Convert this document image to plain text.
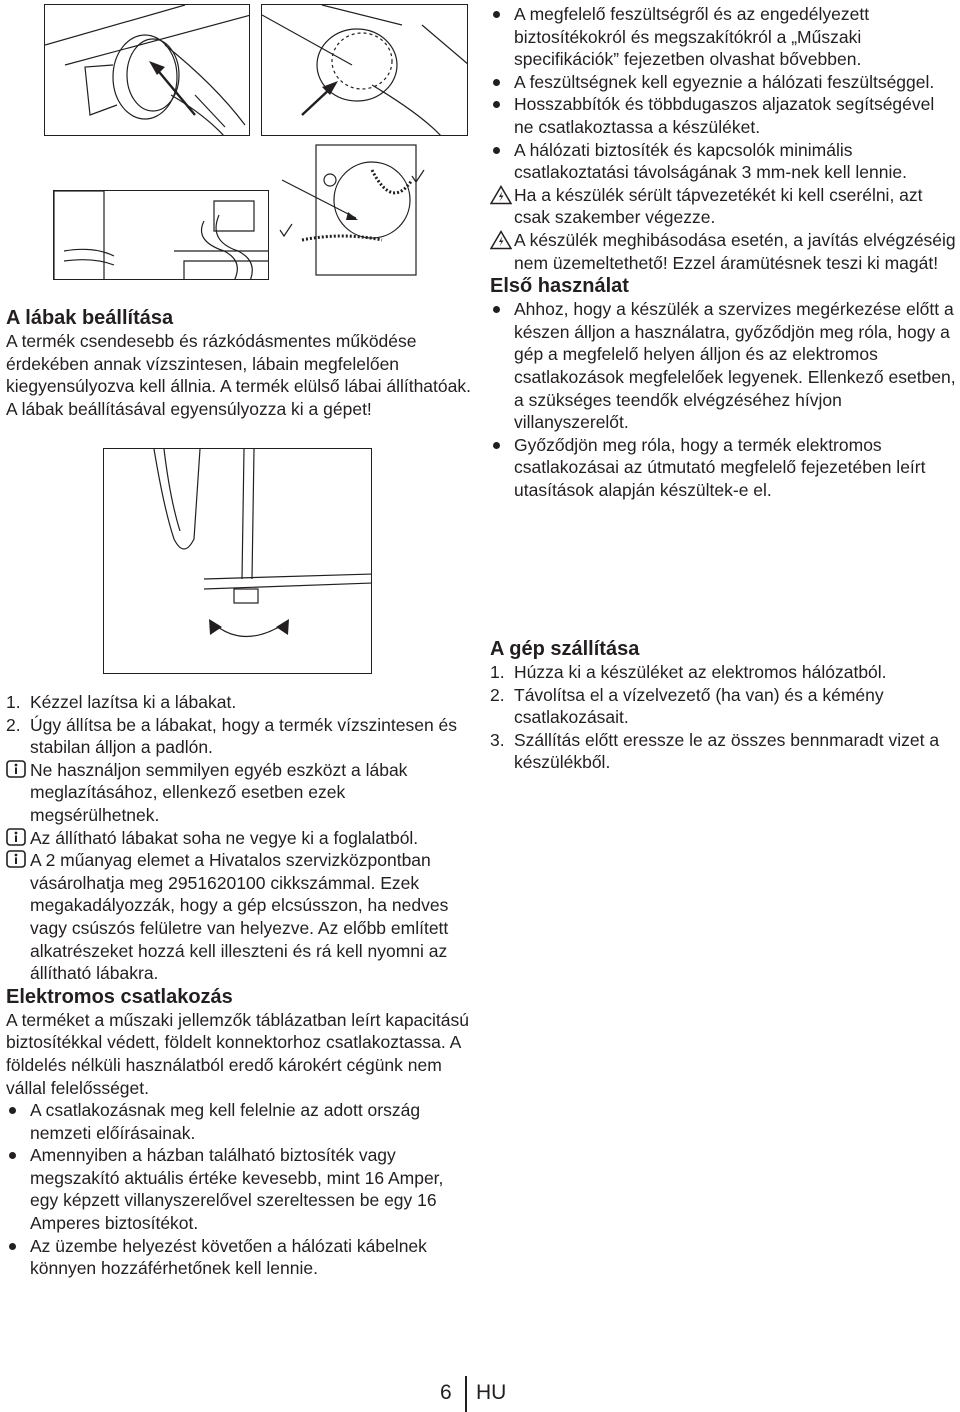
A lábak beállítása

A termék csendesebb és rázkódásmentes működése érdekében annak vízszintesen, lábain megfelelően kiegyensúlyozva kell állnia. A termék elülső lábai állíthatóak. A lábak beállításával egyensúlyozza ki a gépet!

1. Kézzel lazítsa ki a lábakat.
2. Úgy állítsa be a lábakat, hogy a termék vízszintesen és stabilan álljon a padlón.
Ne használjon semmilyen egyéb eszközt a lábak meglazításához, ellenkező esetben ezek megsérülhetnek.
Az állítható lábakat soha ne vegye ki a foglalatból.
A 2 műanyag elemet a Hivatalos szervizközpontban vásárolhatja meg 2951620100 cikkszámmal. Ezek megakadályozzák, hogy a gép elcsússzon, ha nedves vagy csúszós felületre van helyezve. Az előbb említett alkatrészeket hozzá kell illeszteni és rá kell nyomni az állítható lábakra.
Elektromos csatlakozás

A terméket a műszaki jellemzők táblázatban leírt kapacitású biztosítékkal védett, földelt konnektorhoz csatlakoztassa. A földelés nélküli használatból eredő károkért cégünk nem vállal felelősséget.

A csatlakozásnak meg kell felelnie az adott ország nemzeti előírásainak.
Amennyiben a házban található biztosíték vagy megszakító aktuális értéke kevesebb, mint 16 Amper, egy képzett villanyszerelővel szereltessen be egy 16 Amperes biztosítékot.
Az üzembe helyezést követően a hálózati kábelnek könnyen hozzáférhetőnek kell lennie.
A megfelelő feszültségről és az engedélyezett biztosítékokról és megszakítókról a „Műszaki specifikációk” fejezetben olvashat bővebben.
A feszültségnek kell egyeznie a hálózati feszültséggel.
Hosszabbítók és többdugaszos aljazatok segítségével ne csatlakoztassa a készüléket.
A hálózati biztosíték és kapcsolók minimális csatlakoztatási távolságának 3 mm-nek kell lennie.
Ha a készülék sérült tápvezetékét ki kell cserélni, azt csak szakember végezze.
A készülék meghibásodása esetén, a javítás elvégzéséig nem üzemeltethető! Ezzel áramütésnek teszi ki magát!
Első használat
Ahhoz, hogy a készülék a szervizes megérkezése előtt a készen álljon a használatra, győződjön meg róla, hogy a gép a megfelelő helyen álljon és az elektromos csatlakozások megfelelőek legyenek. Ellenkező esetben, a szükséges teendők elvégzéséhez hívjon villanyszerelőt.
Győződjön meg róla, hogy a termék elektromos csatlakozásai az útmutató megfelelő fejezetében leírt utasítások alapján készültek-e el.
A gép szállítása
1. Húzza ki a készüléket az elektromos hálózatból.
2. Távolítsa el a vízelvezető (ha van) és a kémény csatlakozásait.
3. Szállítás előtt eressze le az összes bennmaradt vizet a készülékből.
6 HU
